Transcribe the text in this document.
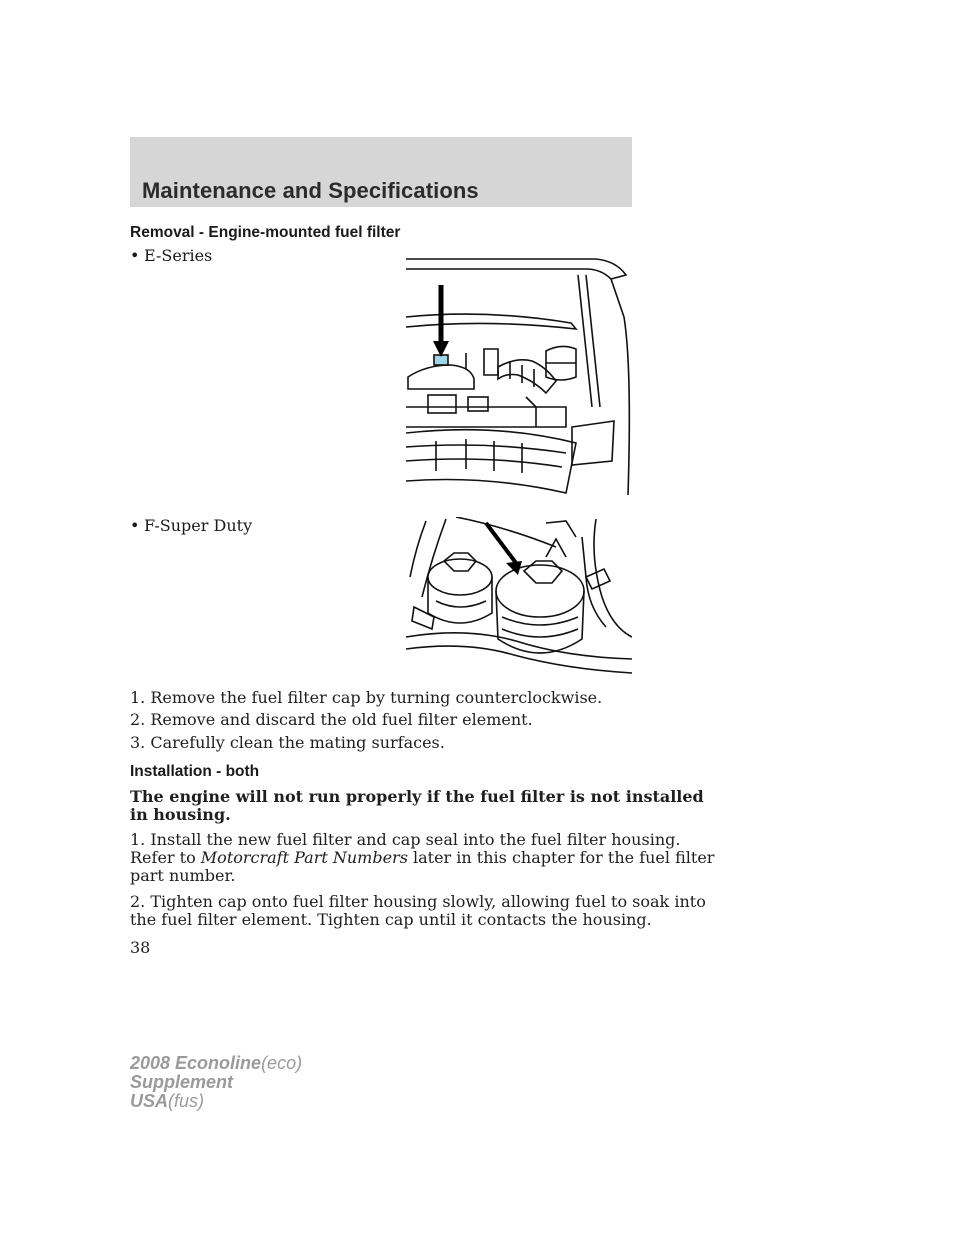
Maintenance and Specifications
Removal - Engine-mounted fuel filter
• E-Series
• F-Super Duty

1. Remove the fuel filter cap by turning counterclockwise.

2. Remove and discard the old fuel filter element.

3. Carefully clean the mating surfaces.

Installation - both

The engine will not run properly if the fuel filter is not installed

in housing.

1. Install the new fuel filter and cap seal into the fuel filter housing.

Refer to Motorcraft Part Numbers later in this chapter for the fuel filter

part number.

2. Tighten cap onto fuel filter housing slowly, allowing fuel to soak into

the fuel filter element. Tighten cap until it contacts the housing.

38

2008 Econoline(eco)
Supplement
USA(fus)
